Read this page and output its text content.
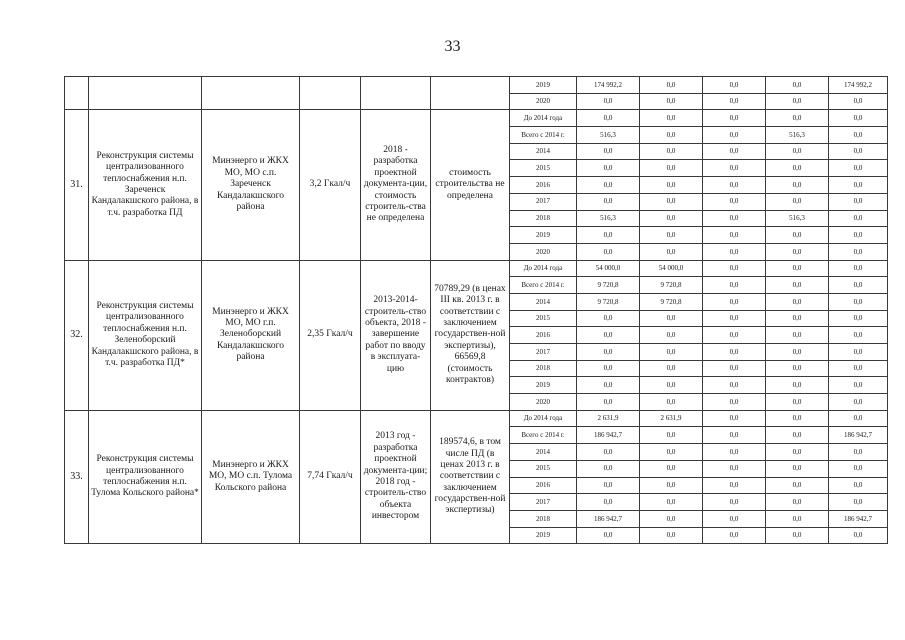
33
						2019	174 992,2	0,0	0,0	0,0	174 992,2
						2020	0,0	0,0	0,0	0,0	0,0
31.	Реконструкция системы централизованного теплоснабжения н.п. Зареченск Кандалакшского района, в т.ч. разработка ПД	Минэнерго и ЖКХ МО, МО с.п. Зареченск Кандалакшского района	3,2 Гкал/ч	2018 - разработка проектной документа-ции, стоимость строитель-ства не определена	стоимость строительства не определена	До 2014 года	0,0	0,0	0,0	0,0	0,0
						Всего с 2014 г.	516,3	0,0	0,0	516,3	0,0
						2014	0,0	0,0	0,0	0,0	0,0
						2015	0,0	0,0	0,0	0,0	0,0
						2016	0,0	0,0	0,0	0,0	0,0
						2017	0,0	0,0	0,0	0,0	0,0
						2018	516,3	0,0	0,0	516,3	0,0
						2019	0,0	0,0	0,0	0,0	0,0
						2020	0,0	0,0	0,0	0,0	0,0
32.	Реконструкция системы централизованного теплоснабжения н.п. Зеленоборский Кандалакшского района, в т.ч. разработка ПД*	Минэнерго и ЖКХ МО, МО г.п. Зеленоборский Кандалакшского района	2,35 Гкал/ч	2013-2014- строитель-ство объекта, 2018 - завершение работ по вводу в эксплуата-цию	70789,29 (в ценах III кв. 2013 г. в соответствии с заключением государствен-ной экспертизы), 66569,8 (стоимость контрактов)	До 2014 года	54 000,0	54 000,0	0,0	0,0	0,0
						Всего с 2014 г.	9 720,8	9 720,8	0,0	0,0	0,0
						2014	9 720,8	9 720,8	0,0	0,0	0,0
						2015	0,0	0,0	0,0	0,0	0,0
						2016	0,0	0,0	0,0	0,0	0,0
						2017	0,0	0,0	0,0	0,0	0,0
						2018	0,0	0,0	0,0	0,0	0,0
						2019	0,0	0,0	0,0	0,0	0,0
						2020	0,0	0,0	0,0	0,0	0,0
33.	Реконструкция системы централизованного теплоснабжения н.п. Тулома Кольского района*	Минэнерго и ЖКХ МО, МО с.п. Тулома Кольского района	7,74 Гкал/ч	2013 год - разработка проектной документа-ции; 2018 год - строитель-ство объекта инвестором	189574,6, в том числе ПД (в ценах 2013 г. в соответствии с заключением государствен-ной экспертизы)	До 2014 года	2 631,9	2 631,9	0,0	0,0	0,0
						Всего с 2014 г.	186 942,7	0,0	0,0	0,0	186 942,7
						2014	0,0	0,0	0,0	0,0	0,0
						2015	0,0	0,0	0,0	0,0	0,0
						2016	0,0	0,0	0,0	0,0	0,0
						2017	0,0	0,0	0,0	0,0	0,0
						2018	186 942,7	0,0	0,0	0,0	186 942,7
						2019	0,0	0,0	0,0	0,0	0,0
